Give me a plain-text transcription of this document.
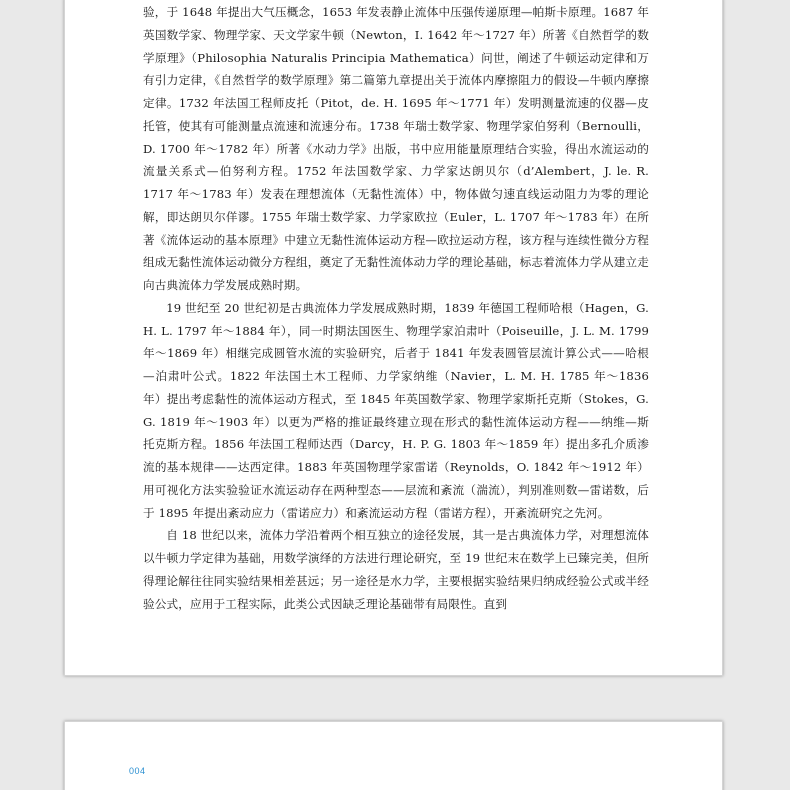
验，于 1648 年提出大气压概念，1653 年发表静止流体中压强传递原理—帕斯卡原理。1687 年英国数学家、物理学家、天文学家牛顿（Newton，I. 1642 年～1727 年）所著《自然哲学的数学原理》（Philosophia Naturalis Principia Mathematica）问世，阐述了牛顿运动定律和万有引力定律，《自然哲学的数学原理》第二篇第九章提出关于流体内摩擦阻力的假设—牛顿内摩擦定律。1732 年法国工程师皮托（Pitot，de. H. 1695 年～1771 年）发明测量流速的仪器—皮托管，使其有可能测量点流速和流速分布。1738 年瑞士数学家、物理学家伯努利（Bernoulli，D. 1700 年～1782 年）所著《水动力学》出版，书中应用能量原理结合实验，得出水流运动的流量关系式—伯努利方程。1752 年法国数学家、力学家达朗贝尔（d’Alembert，J. le. R. 1717 年～1783 年）发表在理想流体（无黏性流体）中，物体做匀速直线运动阻力为零的理论解，即达朗贝尔佯谬。1755 年瑞士数学家、力学家欧拉（Euler，L. 1707 年～1783 年）在所著《流体运动的基本原理》中建立无黏性流体运动方程—欧拉运动方程，该方程与连续性微分方程组成无黏性流体运动微分方程组，奠定了无黏性流体动力学的理论基础，标志着流体力学从建立走向古典流体力学发展成熟时期。

19 世纪至 20 世纪初是古典流体力学发展成熟时期，1839 年德国工程师哈根（Hagen，G. H. L. 1797 年～1884 年），同一时期法国医生、物理学家泊肃叶（Poiseuille，J. L. M. 1799 年～1869 年）相继完成圆管水流的实验研究，后者于 1841 年发表圆管层流计算公式——哈根—泊肃叶公式。1822 年法国土木工程师、力学家纳维（Navier，L. M. H. 1785 年～1836 年）提出考虑黏性的流体运动方程式，至 1845 年英国数学家、物理学家斯托克斯（Stokes，G. G. 1819 年～1903 年）以更为严格的推证最终建立现在形式的黏性流体运动方程——纳维—斯托克斯方程。1856 年法国工程师达西（Darcy，H. P. G. 1803 年～1859 年）提出多孔介质渗流的基本规律——达西定律。1883 年英国物理学家雷诺（Reynolds，O. 1842 年～1912 年）用可视化方法实验验证水流运动存在两种型态——层流和紊流（湍流），判别准则数—雷诺数，后于 1895 年提出紊动应力（雷诺应力）和紊流运动方程（雷诺方程），开紊流研究之先河。

自 18 世纪以来，流体力学沿着两个相互独立的途径发展，其一是古典流体力学，对理想流体以牛顿力学定律为基础，用数学演绎的方法进行理论研究，至 19 世纪末在数学上已臻完美，但所得理论解往往同实验结果相差甚远；另一途径是水力学，主要根据实验结果归纳成经验公式或半经验公式，应用于工程实际，此类公式因缺乏理论基础带有局限性。直到

004
